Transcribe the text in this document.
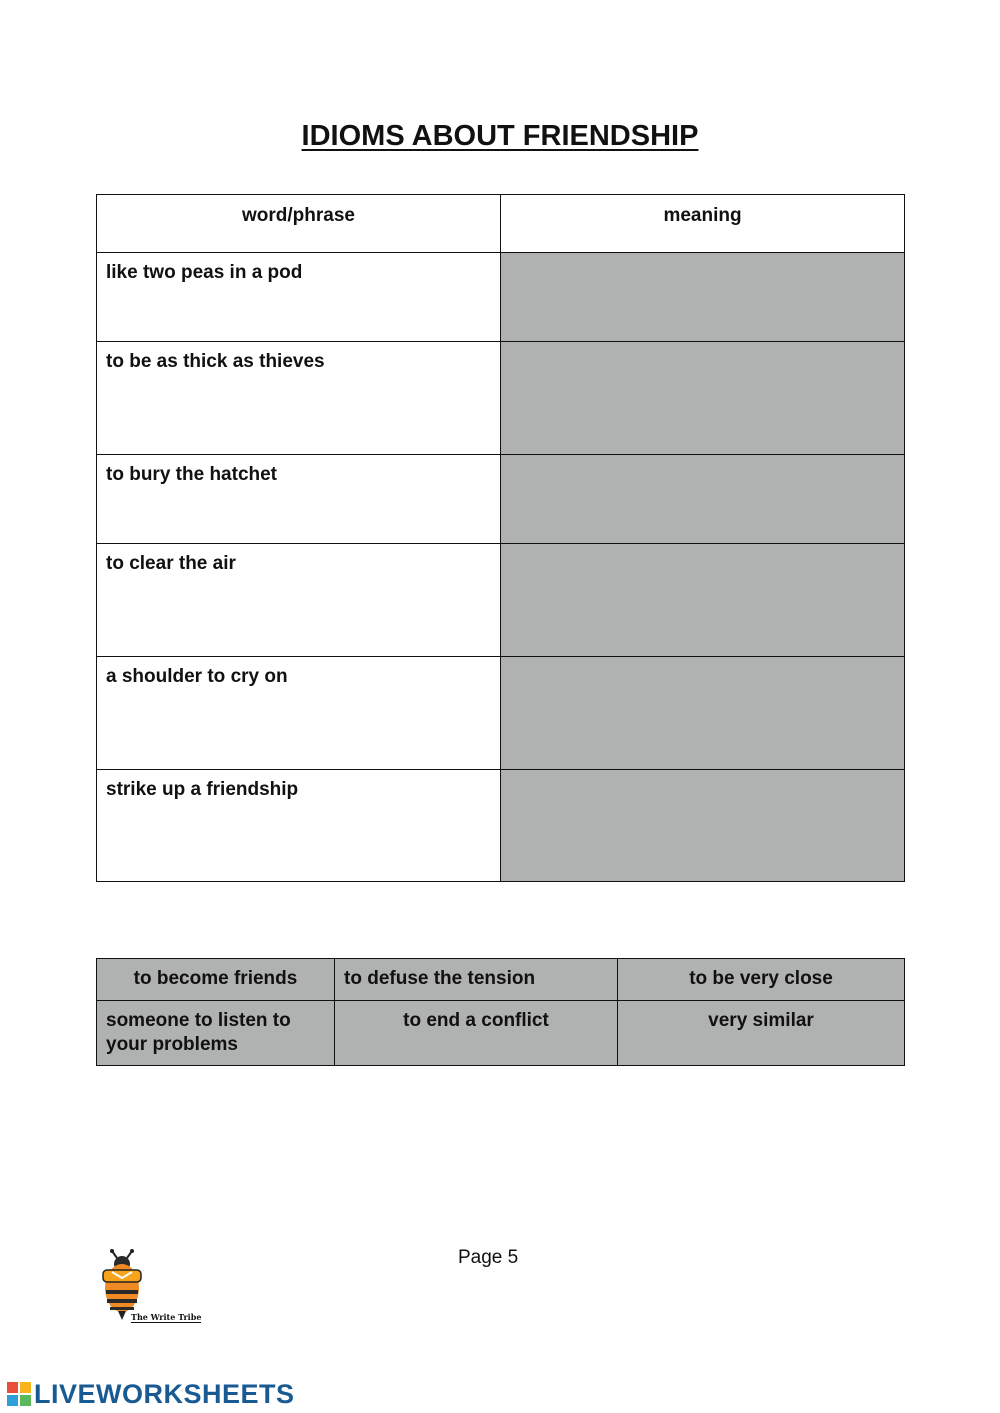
IDIOMS ABOUT FRIENDSHIP
word/phrase	meaning
like two peas in a pod	
to be as thick as thieves	
to bury the hatchet	
to clear the air	
a shoulder to cry on	
strike up a friendship	
to become friends	to defuse the tension	to be very close
someone to listen to your problems	to end a conflict	very similar
Page 5
The Write Tribe
LIVEWORKSHEETS
